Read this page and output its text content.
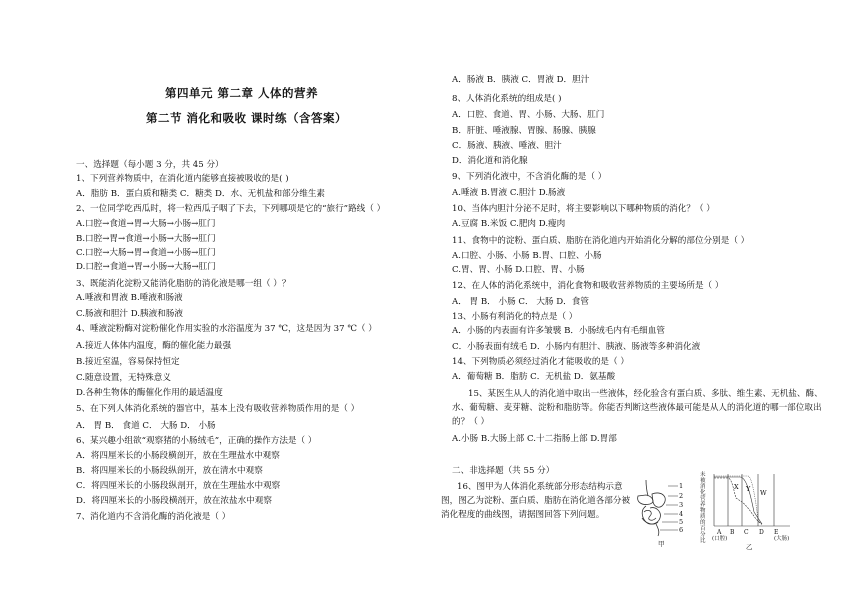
第四单元 第二章 人体的营养
第二节 消化和吸收 课时练（含答案）
一、选择题（每小题 3 分，共 45 分）
1、下列营养物质中，在消化道内能够直接被吸收的是( )
A．脂肪 B．蛋白质和糖类 C．糖类 D．水、无机盐和部分维生素
2、一位同学吃西瓜时，将一粒西瓜子咽了下去，下列哪项是它的“旅行”路线（ ）
A.口腔→食道→胃→大肠→小肠→肛门
B.口腔→胃→食道→小肠→大肠→肛门
C.口腔→大肠→胃→食道→小肠→肛门
D.口腔→食道→胃→小肠→大肠→肛门
3、既能消化淀粉又能消化脂肪的消化液是哪一组（ ）？
A.唾液和胃液 B.唾液和肠液
C.肠液和胆汁 D.胰液和肠液
4、唾液淀粉酶对淀粉催化作用实验的水浴温度为 37 ℃，这是因为 37 ℃（ ）
A.接近人体体内温度，酶的催化能力最强
B.接近室温，容易保持恒定
C.随意设置，无特殊意义
D.各种生物体的酶催化作用的最适温度
5、在下列人体消化系统的器官中，基本上没有吸收营养物质作用的是（ ）
A． 胃 B． 食道 C． 大肠 D． 小肠
6、某兴趣小组欲“观察猪的小肠绒毛”，正确的操作方法是（ ）
A．将四厘米长的小肠段横剖开，放在生理盐水中观察
B．将四厘米长的小肠段纵剖开，放在清水中观察
C．将四厘米长的小肠段纵剖开，放在生理盐水中观察
D．将四厘米长的小肠段横剖开，放在浓盐水中观察
7、消化道内不含消化酶的消化液是（ ）
A．肠液 B．胰液 C．胃液 D．胆汁
8、人体消化系统的组成是( )
A．口腔、食道、胃、小肠、大肠、肛门
B．肝脏、唾液腺、胃腺、肠腺、胰腺
C．肠液、胰液、唾液、胆汁
D．消化道和消化腺
9、下列消化液中，不含消化酶的是（ ）
A.唾液 B.胃液 C.胆汁 D.肠液
10、当体内胆汁分泌不足时，将主要影响以下哪种物质的消化？（ ）
A.豆腐 B.米饭 C.肥肉 D.瘦肉
11、食物中的淀粉、蛋白质、脂肪在消化道内开始消化分解的部位分别是（ ）
A.口腔、小肠、小肠 B.胃、口腔、小肠
C.胃、胃、小肠 D.口腔、胃、小肠
12、在人体的消化系统中，消化食物和吸收营养物质的主要场所是（ ）
A． 胃 B． 小肠 C． 大肠 D．食管
13、小肠有利消化的特点是（ ）
A．小肠的内表面有许多皱襞 B．小肠绒毛内有毛细血管
C．小肠表面有绒毛 D．小肠内有胆汁、胰液、肠液等多种消化液
14、下列物质必须经过消化才能吸收的是（ ）
A．葡萄糖 B．脂肪 C．无机盐 D．氨基酸
15、某医生从人的消化道中取出一些液体，经化验含有蛋白质、多肽、维生素、无机盐、酶、水、葡萄糖、麦芽糖、淀粉和脂肪等。你能否判断这些液体最可能是从人的消化道的哪一部位取出的？（ ）
A.小肠 B.大肠上部 C.十二指肠上部 D.胃部
二、非选择题（共 55 分）
16、图甲为人体消化系统部分形态结构示意图，图乙为淀粉、蛋白质、脂肪在消化道各部分被消化程度的曲线图，请据图回答下列问题。
1
2
3
4
5
6
甲
未被消化营养物质的百分比
X Y W
A B C D E
(口腔)	(大肠)
乙
